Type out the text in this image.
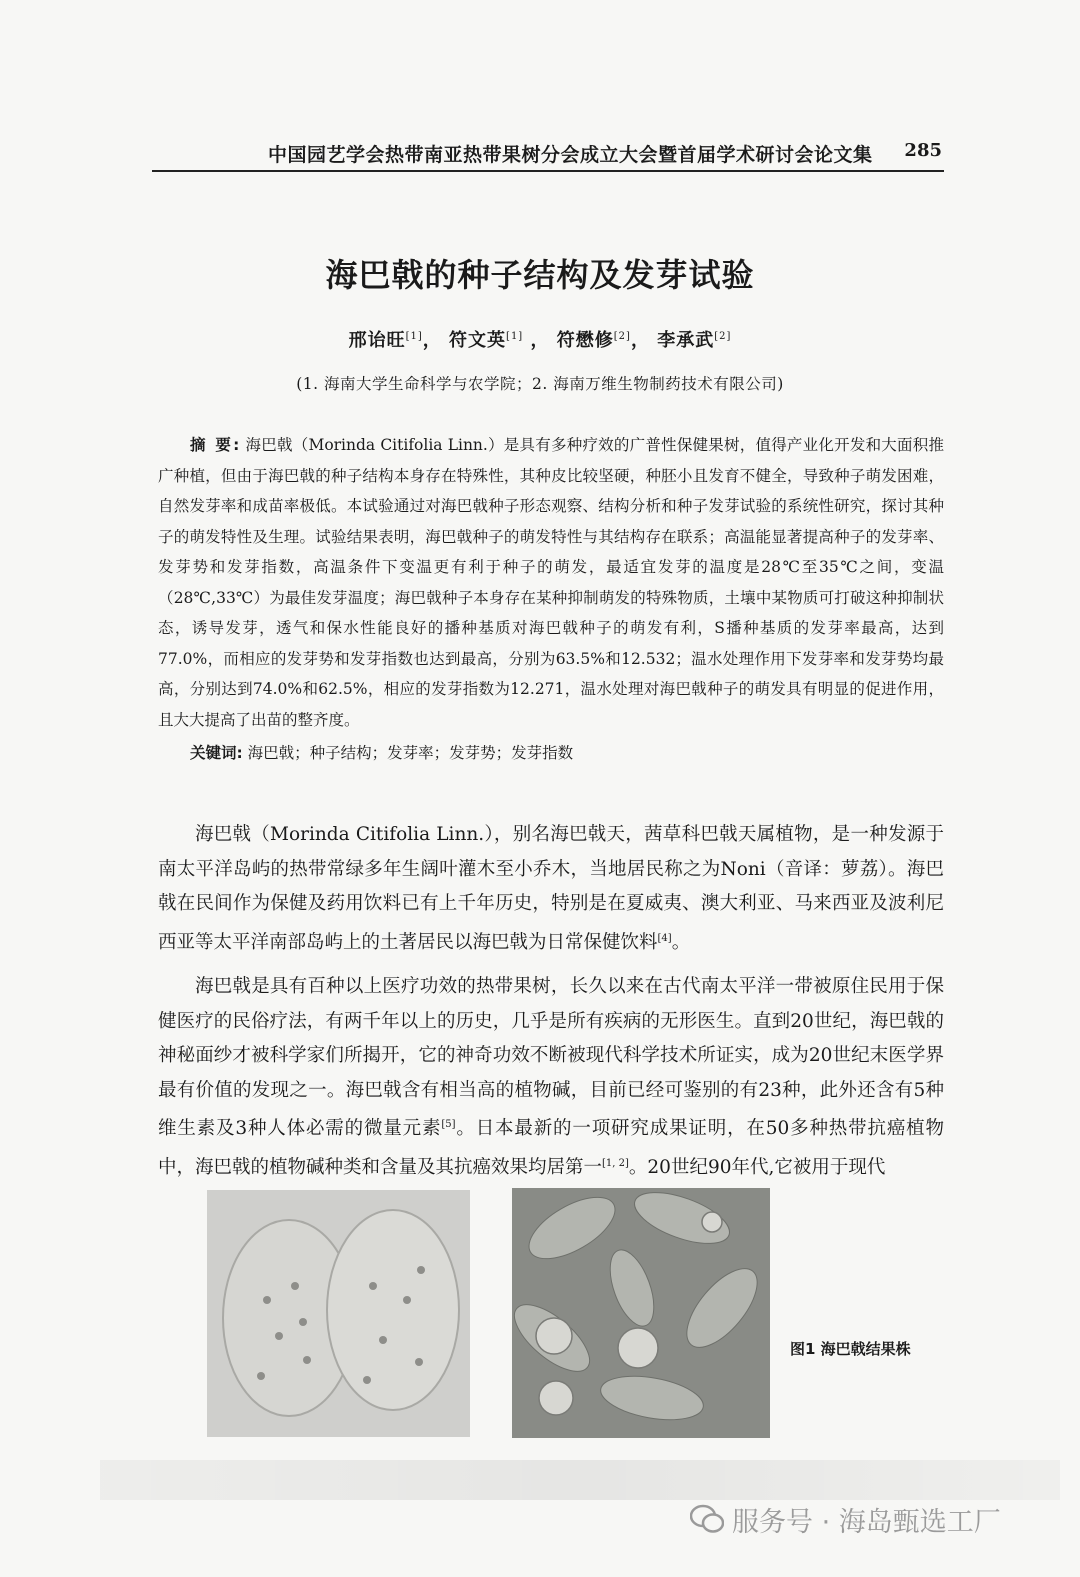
中国园艺学会热带南亚热带果树分会成立大会暨首届学术研讨会论文集 285
海巴戟的种子结构及发芽试验
邢诒旺[1]， 符文英[1] ， 符懋修[2]， 李承武[2]
(1. 海南大学生命科学与农学院；2. 海南万维生物制药技术有限公司)
摘 要: 海巴戟（Morinda Citifolia Linn.）是具有多种疗效的广普性保健果树，值得产业化开发和大面积推广种植，但由于海巴戟的种子结构本身存在特殊性，其种皮比较坚硬，种胚小且发育不健全，导致种子萌发困难，自然发芽率和成苗率极低。本试验通过对海巴戟种子形态观察、结构分析和种子发芽试验的系统性研究，探讨其种子的萌发特性及生理。试验结果表明，海巴戟种子的萌发特性与其结构存在联系；高温能显著提高种子的发芽率、发芽势和发芽指数，高温条件下变温更有利于种子的萌发，最适宜发芽的温度是28℃至35℃之间，变温（28℃,33℃）为最佳发芽温度；海巴戟种子本身存在某种抑制萌发的特殊物质，土壤中某物质可打破这种抑制状态，诱导发芽，透气和保水性能良好的播种基质对海巴戟种子的萌发有利，S播种基质的发芽率最高，达到77.0%，而相应的发芽势和发芽指数也达到最高，分别为63.5%和12.532；温水处理作用下发芽率和发芽势均最高，分别达到74.0%和62.5%，相应的发芽指数为12.271，温水处理对海巴戟种子的萌发具有明显的促进作用，且大大提高了出苗的整齐度。
关键词: 海巴戟；种子结构；发芽率；发芽势；发芽指数

海巴戟（Morinda Citifolia Linn.），别名海巴戟天，茜草科巴戟天属植物，是一种发源于南太平洋岛屿的热带常绿多年生阔叶灌木至小乔木，当地居民称之为Noni（音译：萝荔）。海巴戟在民间作为保健及药用饮料已有上千年历史，特别是在夏威夷、澳大利亚、马来西亚及波利尼西亚等太平洋南部岛屿上的土著居民以海巴戟为日常保健饮料[4]。

海巴戟是具有百种以上医疗功效的热带果树，长久以来在古代南太平洋一带被原住民用于保健医疗的民俗疗法，有两千年以上的历史，几乎是所有疾病的无形医生。直到20世纪，海巴戟的神秘面纱才被科学家们所揭开，它的神奇功效不断被现代科学技术所证实，成为20世纪末医学界最有价值的发现之一。海巴戟含有相当高的植物碱，目前已经可鉴别的有23种，此外还含有5种维生素及3种人体必需的微量元素[5]。日本最新的一项研究成果证明，在50多种热带抗癌植物中，海巴戟的植物碱种类和含量及其抗癌效果均居第一[1, 2]。20世纪90年代,它被用于现代

图1 海巴戟结果株
服务号 · 海岛甄选工厂
